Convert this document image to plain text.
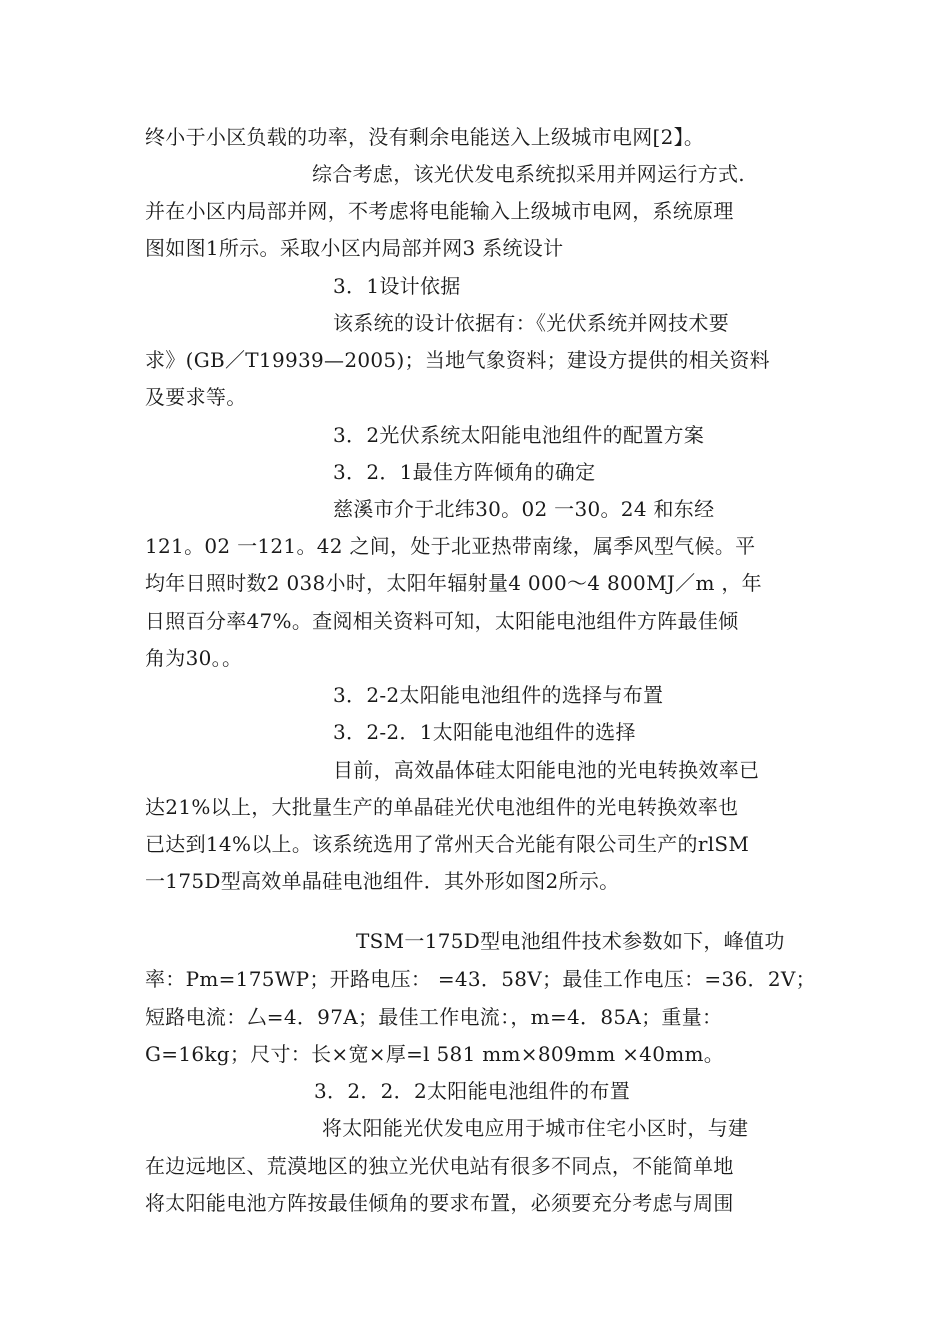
终小于小区负载的功率，没有剩余电能送入上级城市电网[2】。
综合考虑，该光伏发电系统拟采用并网运行方式.
并在小区内局部并网，不考虑将电能输入上级城市电网，系统原理
图如图1所示。采取小区内局部并网3 系统设计
3．1设计依据
该系统的设计依据有：《光伏系统并网技术要
求》(GB／T19939—2005)；当地气象资料；建设方提供的相关资料
及要求等。
3．2光伏系统太阳能电池组件的配置方案
3．2．1最佳方阵倾角的确定
慈溪市介于北纬30。02 一30。24 和东经
121。02 一121。42 之间，处于北亚热带南缘，属季风型气候。平
均年日照时数2 038小时，太阳年辐射量4 000～4 800MJ／m ，年
日照百分率47%。查阅相关资料可知，太阳能电池组件方阵最佳倾
角为30。。
3．2-2太阳能电池组件的选择与布置
3．2-2．1太阳能电池组件的选择
目前，高效晶体硅太阳能电池的光电转换效率已
达21%以上，大批量生产的单晶硅光伏电池组件的光电转换效率也
已达到14%以上。该系统选用了常州天合光能有限公司生产的rlSM
一175D型高效单晶硅电池组件．其外形如图2所示。
TSM一175D型电池组件技术参数如下，峰值功
率：Pm=175WP；开路电压： =43．58V；最佳工作电压：=36．2V；
短路电流：厶=4．97A；最佳工作电流：，m=4．85A；重量：
G=16kg；尺寸：长×宽×厚=l 581 mm×809mm ×40mm。
3．2．2．2太阳能电池组件的布置
将太阳能光伏发电应用于城市住宅小区时，与建
在边远地区、荒漠地区的独立光伏电站有很多不同点，不能简单地
将太阳能电池方阵按最佳倾角的要求布置，必须要充分考虑与周围
